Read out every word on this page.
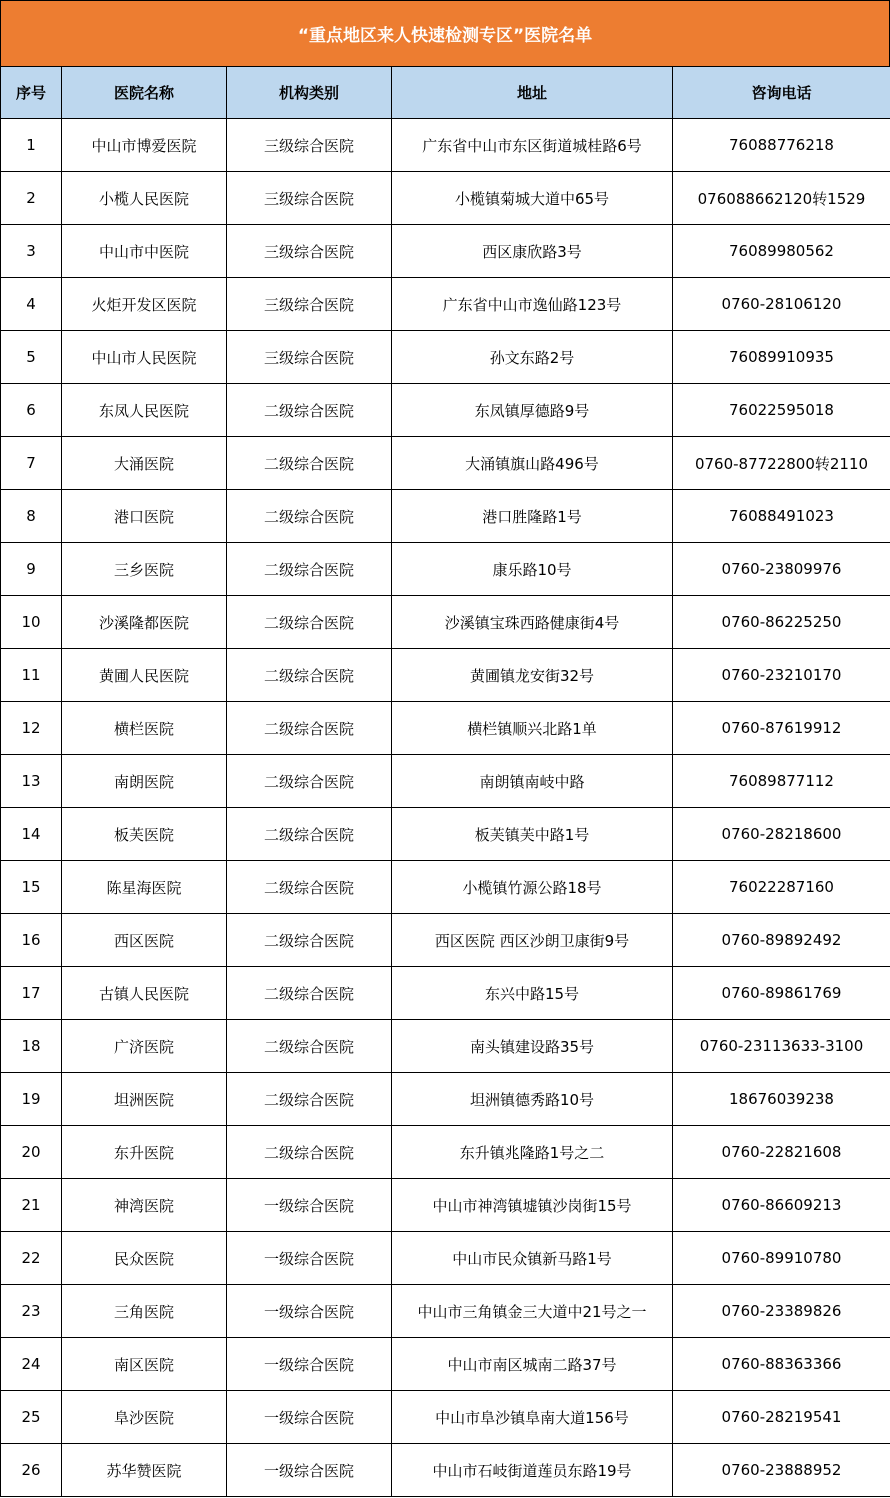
“重点地区来人快速检测专区”医院名单
序号	医院名称	机构类别	地址	咨询电话
1	中山市博爱医院	三级综合医院	广东省中山市东区街道城桂路6号	76088776218
2	小榄人民医院	三级综合医院	小榄镇菊城大道中65号	076088662120转1529
3	中山市中医院	三级综合医院	西区康欣路3号	76089980562
4	火炬开发区医院	三级综合医院	广东省中山市逸仙路123号	0760-28106120
5	中山市人民医院	三级综合医院	孙文东路2号	76089910935
6	东凤人民医院	二级综合医院	东凤镇厚德路9号	76022595018
7	大涌医院	二级综合医院	大涌镇旗山路496号	0760-87722800转2110
8	港口医院	二级综合医院	港口胜隆路1号	76088491023
9	三乡医院	二级综合医院	康乐路10号	0760-23809976
10	沙溪隆都医院	二级综合医院	沙溪镇宝珠西路健康街4号	0760-86225250
11	黄圃人民医院	二级综合医院	黄圃镇龙安街32号	0760-23210170
12	横栏医院	二级综合医院	横栏镇顺兴北路1单	0760-87619912
13	南朗医院	二级综合医院	南朗镇南岐中路	76089877112
14	板芙医院	二级综合医院	板芙镇芙中路1号	0760-28218600
15	陈星海医院	二级综合医院	小榄镇竹源公路18号	76022287160
16	西区医院	二级综合医院	西区医院 西区沙朗卫康街9号	0760-89892492
17	古镇人民医院	二级综合医院	东兴中路15号	0760-89861769
18	广济医院	二级综合医院	南头镇建设路35号	0760-23113633-3100
19	坦洲医院	二级综合医院	坦洲镇德秀路10号	18676039238
20	东升医院	二级综合医院	东升镇兆隆路1号之二	0760-22821608
21	神湾医院	一级综合医院	中山市神湾镇墟镇沙岗街15号	0760-86609213
22	民众医院	一级综合医院	中山市民众镇新马路1号	0760-89910780
23	三角医院	一级综合医院	中山市三角镇金三大道中21号之一	0760-23389826
24	南区医院	一级综合医院	中山市南区城南二路37号	0760-88363366
25	阜沙医院	一级综合医院	中山市阜沙镇阜南大道156号	0760-28219541
26	苏华赞医院	一级综合医院	中山市石岐街道莲员东路19号	0760-23888952
